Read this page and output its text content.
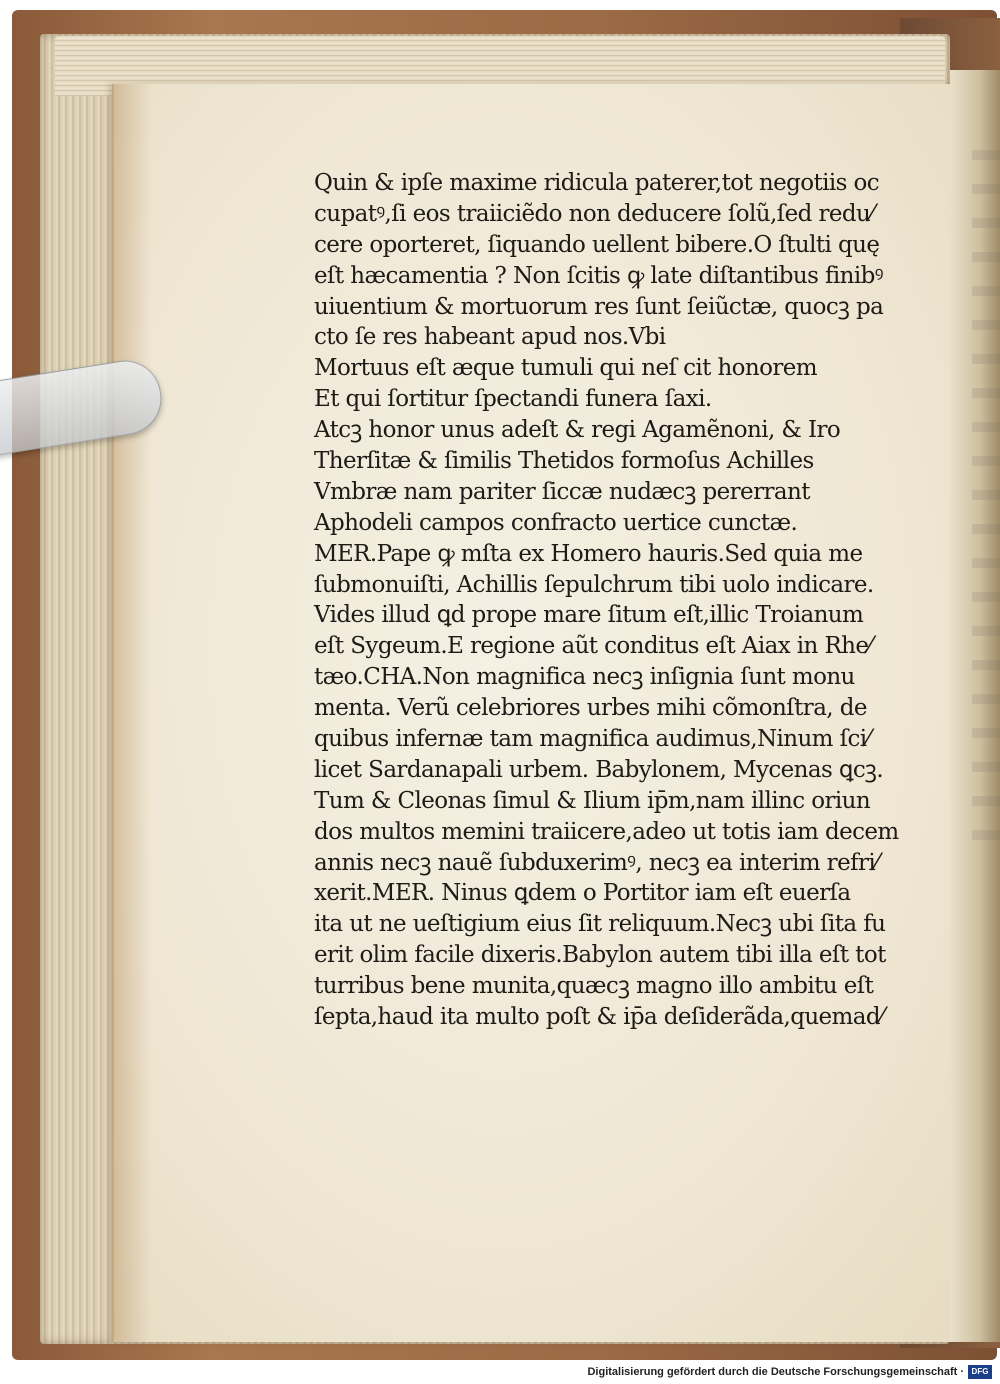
Quin & ipſe maxime ridicula paterer,tot negotiis oc
cupatꝰ,ſi eos traiiciẽdo non deducere ſolũ,ſed redu⁄
cere oporteret, ſiquando uellent bibere.O ſtulti quę
eſt hæcamentia ? Non ſcitis ꝙ late diſtantibus finibꝰ
uiuentium & mortuorum res ſunt ſeiũctæ, quocꝫ pa
cto ſe res habeant apud nos.Vbi
Mortuus eſt æque tumuli qui neſ cit honorem
Et qui ſortitur ſpectandi funera ſaxi.
Atcꝫ honor unus adeſt & regi Agamẽnoni, & Iro
Therſitæ & ſimilis Thetidos formoſus Achilles
Vmbræ nam pariter ſiccæ nudæcꝫ pererrant
Aphodeli campos confracto uertice cunctæ.
MER.Pape ꝙ mſta ex Homero hauris.Sed quia me
ſubmonuiſti, Achillis ſepulchrum tibi uolo indicare.
Vides illud ꝗd prope mare ſitum eſt,illic Troianum
eſt Sygeum.E regione aũt conditus eſt Aiax in Rhe⁄
tæo.CHA.Non magnifica necꝫ inſignia ſunt monu
menta. Verũ celebriores urbes mihi cõmonſtra, de
quibus infernæ tam magnifica audimus,Ninum ſci⁄
licet Sardanapali urbem. Babylonem, Mycenas ꝗcꝫ.
Tum & Cleonas ſimul & Ilium ip̄m,nam illinc oriun
dos multos memini traiicere,adeo ut totis iam decem
annis necꝫ nauẽ ſubduxerimꝰ, necꝫ ea interim refri⁄
xerit.MER. Ninus ꝗdem o Portitor iam eſt euerſa
ita ut ne ueſtigium eius ſit reliquum.Necꝫ ubi ſita fu
erit olim facile dixeris.Babylon autem tibi illa eſt tot
turribus bene munita,quæcꝫ magno illo ambitu eſt
ſepta,haud ita multo poſt & ip̄a deſiderãda,quemad⁄
Digitalisierung gefördert durch die Deutsche Forschungsgemeinschaft · DFG
